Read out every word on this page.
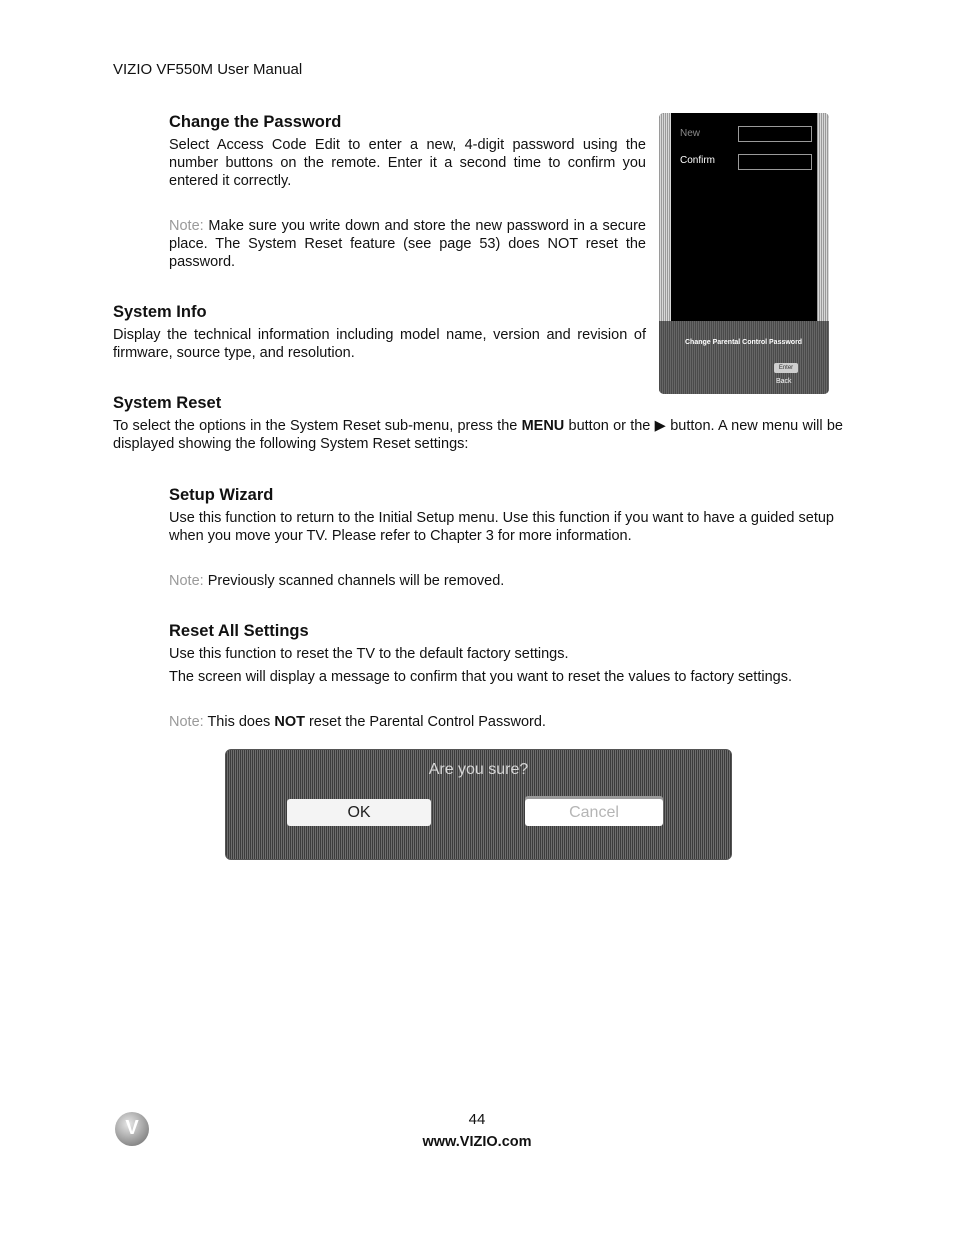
VIZIO VF550M User Manual
Change the Password

Select Access Code Edit to enter a new, 4-digit password using the number buttons on the remote. Enter it a second time to confirm you entered it correctly.

Note: Make sure you write down and store the new password in a secure place. The System Reset feature (see page 53) does NOT reset the password.

New
Confirm
Change Parental Control Password
Enter
Back
System Info

Display the technical information including model name, version and revision of firmware, source type, and resolution.

System Reset

To select the options in the System Reset sub-menu, press the MENU button or the ▶ button. A new menu will be displayed showing the following System Reset settings:

Setup Wizard

Use this function to return to the Initial Setup menu. Use this function if you want to have a guided setup when you move your TV. Please refer to Chapter 3 for more information.

Note: Previously scanned channels will be removed.

Reset All Settings

Use this function to reset the TV to the default factory settings.

The screen will display a message to confirm that you want to reset the values to factory settings.

Note: This does NOT reset the Parental Control Password.

Are you sure?
OK	Cancel
V	44
www.VIZIO.com
